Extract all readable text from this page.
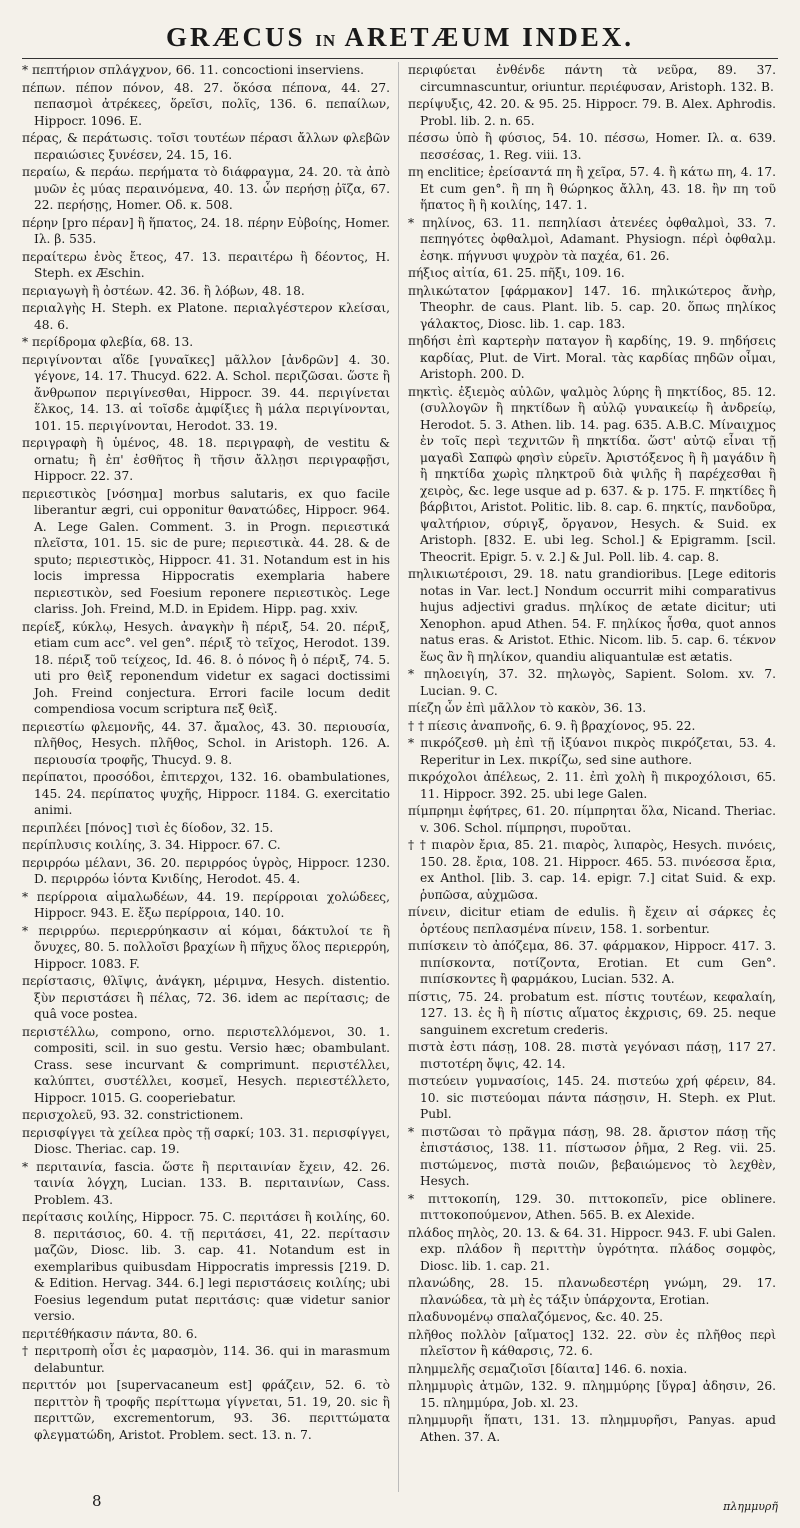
GRÆCUS IN ARETÆUM INDEX.
* πεπτήριον σπλάγχνον, 66. 11. concoctioni inserviens.
πέπων. πέπον πόνον, 48. 27. ὅκόσα πέπονα, 44. 27. πεπασμοὶ ἀτρέκεες, ὅρεῖσι, πολῖς, 136. 6. πεπαίλων, Hippocr. 1096. E.
πέρας, & περάτωσις. τοῖσι τουτέων πέρασι ἄλλων φλεβῶν περαιώσιες ξυνέσεν, 24. 15, 16.
περαίω, & περάω. περήματα τὸ διάφραγμα, 24. 20. τὰ ἀπὸ μυῶν ἐς μύας περαινόμενα, 40. 13. ὧν περήσῃ ῥῖζα, 67. 22. περήσῃς, Homer. Οδ. κ. 508.
πέρην [pro πέραν] ἢ ἥπατος, 24. 18. πέρην Εὐβοίης, Homer. Ιλ. β. 535.
περαίτερω ἑνὸς ἔτεος, 47. 13. περαιτέρω ἢ δέοντος, H. Steph. ex Æschin.
περιαγωγὴ ἢ ὀστέων. 42. 36. ἢ λόβων, 48. 18.
περιαλγὴς H. Steph. ex Platone. περιαλγέστερον κλείσαι, 48. 6.
* περίδρομα φλεβία, 68. 13.
περιγίνονται αἵδε [γυναῖκες] μᾶλλον [ἀνδρῶν] 4. 30. γέγονε, 14. 17. Thucyd. 622. A. Schol. περιζῶσαι. ὥστε ἢ ἄνθρωπον περιγίνεσθαι, Hippocr. 39. 44. περιγίνεται ἕλκος, 14. 13. αἱ τοῖσδε ἀμφίξιες ἢ μάλα περιγίνονται, 101. 15. περιγίνονται, Herodot. 33. 19.
περιγραφὴ ἢ ὑμένος, 48. 18. περιγραφὴ, de vestitu & ornatu; ἢ ἐπ' ἐσθῆτος ἢ τῆσιν ἄλλῃσι περιγραφῇσι, Hippocr. 22. 37.
περιεστικὸς [νόσημα] morbus salutaris, ex quo facile liberantur ægri, cui opponitur θανατώδες, Hippocr. 964. A. Lege Galen. Comment. 3. in Progn. περιεστικά πλεῖστα, 101. 15. sic de pure; περιεστικὰ. 44. 28. & de sputo; περιεστικὸς, Hippocr. 41. 31. Notandum est in his locis impressa Hippocratis exemplaria habere περιεστικὸν, sed Foesium reponere περιεστικὸς. Lege clariss. Joh. Freind, M.D. in Epidem. Hipp. pag. xxiv.
περίεξ, κύκλῳ, Hesych. ἀναγκὴν ἢ πέριξ, 54. 20. πέριξ, etiam cum acc°. vel gen°. πέριξ τὸ τεῖχος, Herodot. 139. 18. πέριξ τοῦ τείχεος, Id. 46. 8. ὁ πόνος ἢ ὁ πέριξ, 74. 5. uti pro θεὶξ reponendum videtur ex sagaci doctissimi Joh. Freind conjectura. Errori facile locum dedit compendiosa vocum scriptura πεξ θεὶξ.
περιεστίω φλεμονῆς, 44. 37. ἄμαλος, 43. 30. περιουσία, πλῆθος, Hesych. πλῆθος, Schol. in Aristoph. 126. A. περιουσία τροφῆς, Thucyd. 9. 8.
περίπατοι, προσόδοι, ἐπιτερχοι, 132. 16. obambulationes, 145. 24. περίπατος ψυχῆς, Hippocr. 1184. G. exercitatio animi.
περιπλέει [πόνος] τισὶ ἐς δίοδον, 32. 15.
περίπλυσις κοιλίης, 3. 34. Hippocr. 67. C.
περιρρόω μέλανι, 36. 20. περιρρόος ὑγρὸς, Hippocr. 1230. D. περιρρόω ἰόντα Κνιδίης, Herodot. 45. 4.
* περίρροια αἱμαλωδέων, 44. 19. περίρροιαι χολώδεες, Hippocr. 943. E. ἔξω περίρροια, 140. 10.
* περιρρύω. περιερρύηκασιν αἱ κόμαι, δάκτυλοί τε ἢ ὄνυχες, 80. 5. πολλοῖσι βραχίων ἢ πῆχυς ὅλος περιερρύη, Hippocr. 1083. F.
περίστασις, θλῖψις, ἀνάγκη, μέριμνα, Hesych. distentio. ξὺν περιστάσει ἢ πέλας, 72. 36. idem ac περίτασις; de quâ voce postea.
περιστέλλω, compono, orno. περιστελλόμενοι, 30. 1. compositi, scil. in suo gestu. Versio hæc; obambulant. Crass. sese incurvant & comprimunt. περιστέλλει, καλύπτει, συστέλλει, κοσμεῖ, Hesych. περιεστέλλετο, Hippocr. 1015. G. cooperiebatur.
περισχολεῦ, 93. 32. constrictionem.
περισφίγγει τὰ χείλεα πρὸς τῇ σαρκί; 103. 31. περισφίγγει, Diosc. Theriac. cap. 19.
* περιταινία, fascia. ὥστε ἢ περιταινίαν ἔχειν, 42. 26. ταινία λόγχη, Lucian. 133. B. περιταινίων, Cass. Problem. 43.
περίτασις κοιλίης, Hippocr. 75. C. περιτάσει ἢ κοιλίης, 60. 8. περιτάσιος, 60. 4. τῇ περιτάσει, 41, 22. περίτασιν μαζῶν, Diosc. lib. 3. cap. 41. Notandum est in exemplaribus quibusdam Hippocratis impressis [219. D. & Edition. Hervag. 344. 6.] legi περιστάσεις κοιλίης; ubi Foesius legendum putat περιτάσις: quæ videtur sanior versio.
περιτέθήκασιν πάντα, 80. 6.
† περιτροπὴ οἶσι ἐς μαρασμὸν, 114. 36. qui in marasmum delabuntur.
περιττόν μοι [supervacaneum est] φράζειν, 52. 6. τὸ περιττὸν ἢ τροφῆς περίττωμα γίγνεται, 51. 19, 20. sic ἢ περιττῶν, excrementorum, 93. 36. περιττώματα φλεγματώδη, Aristot. Problem. sect. 13. n. 7.
περιφύεται ἐνθένδε πάντη τὰ νεῦρα, 89. 37. circumnascuntur, oriuntur. περιέφυσαν, Aristoph. 132. B.
περίψυξις, 42. 20. & 95. 25. Hippocr. 79. B. Alex. Aphrodis. Probl. lib. 2. n. 65.
πέσσω ὑπὸ ἢ φύσιος, 54. 10. πέσσω, Homer. Ιλ. α. 639. πεσσέσας, 1. Reg. viii. 13.
πη enclitice; ἐρείσαντά πη ἢ χεῖρα, 57. 4. ἢ κάτω πη, 4. 17. Et cum gen°. ἢ πη ἢ θώρηκος ἄλλη, 43. 18. ἢν πη τοῦ ἥπατος ἢ ἢ κοιλίης, 147. 1.
* πηλίνος, 63. 11. πεπηλίασι ἀτενέες ὀφθαλμοὶ, 33. 7. πεπηγότες ὀφθαλμοὶ, Adamant. Physiogn. πέρὶ ὀφθαλμ. ἐσηκ. πήγνυσι ψυχρὸν τὰ παχέα, 61. 26.
πήξιος αἰτία, 61. 25. πῆξι, 109. 16.
πηλικώτατον [φάρμακον] 147. 16. πηλικώτερος ἄνὴρ, Theophr. de caus. Plant. lib. 5. cap. 20. ὅπως πηλίκος γάλακτος, Diosc. lib. 1. cap. 183.
πηδήσι ἐπὶ καρτερὴν παταγον ἢ καρδίης, 19. 9. πηδήσεις καρδίας, Plut. de Virt. Moral. τὰς καρδίας πηδῶν οἶμαι, Aristoph. 200. D.
πηκτὶς. ἐξιεμὸς αὐλῶν, ψαλμὸς λύρης ἢ πηκτίδος, 85. 12. (συλλογῶν ἢ πηκτίδων ἢ αὐλῷ γυναικείῳ ἢ ἀνδρείῳ, Herodot. 5. 3. Athen. lib. 14. pag. 635. A.B.C. Μίναιχμος ἐν τοῖς περὶ τεχνιτῶν ἢ πηκτίδα. ὥστ' αὐτῷ εἶναι τῇ μαγαδὶ Σαπφὼ φησὶν εὑρεῖν. Ἀριστόξενος ἢ ἢ μαγάδιν ἢ ἢ πηκτίδα χωρὶς πληκτροῦ διὰ ψιλῆς ἢ παρέχεσθαι ἢ χειρὸς, &c. lege usque ad p. 637. & p. 175. F. πηκτίδες ἢ βάρβιτοι, Aristot. Politic. lib. 8. cap. 6. πηκτίς, πανδοῦρα, ψαλτήριον, σύριγξ, ὄργανον, Hesych. & Suid. ex Aristoph. [832. E. ubi leg. Schol.] & Epigramm. [scil. Theocrit. Epigr. 5. v. 2.] & Jul. Poll. lib. 4. cap. 8.
πηλικιωτέροισι, 29. 18. natu grandioribus. [Lege editoris notas in Var. lect.] Nondum occurrit mihi comparativus hujus adjectivi gradus. πηλίκος de ætate dicitur; uti Xenophon. apud Athen. 54. F. πηλίκος ἦσθα, quot annos natus eras. & Aristot. Ethic. Nicom. lib. 5. cap. 6. τέκνον ἕως ἂν ἢ πηλίκον, quandiu aliquantulæ est ætatis.
* πηλοειγίη, 37. 32. πηλωγὸς, Sapient. Solom. xv. 7. Lucian. 9. C.
πίεζη ὦν ἐπὶ μᾶλλον τὸ κακὸν, 36. 13.
† † πίεσις ἀναπνοῆς, 6. 9. ἢ βραχίονος, 95. 22.
* πικρόζεσθ. μὴ ἐπὶ τῇ ἰξύανοι πικρὸς πικρόζεται, 53. 4. Reperitur in Lex. πικρίζω, sed sine authore.
πικρόχολοι ἀπέλεως, 2. 11. ἐπὶ χολὴ ἢ πικροχόλοισι, 65. 11. Hippocr. 392. 25. ubi lege Galen.
πίμπρημι ἐφήτρες, 61. 20. πίμπρηται ὅλα, Nicand. Theriac. v. 306. Schol. πίμπρησι, πυροῦται.
† † πιαρὸν ἔρια, 85. 21. πιαρὸς, λιπαρὸς, Hesych. πινόεις, 150. 28. ἔρια, 108. 21. Hippocr. 465. 53. πινόεσσα ἔρια, ex Anthol. [lib. 3. cap. 14. epigr. 7.] citat Suid. & exp. ῥυπῶσα, αὐχμῶσα.
πίνειν, dicitur etiam de edulis. ἢ ἔχειν αἱ σάρκες ἐς ὀρτέους πεπλασμένα πίνειν, 158. 1. sorbentur.
πιπίσκειν τὸ ἀπόζεμα, 86. 37. φάρμακον, Hippocr. 417. 3. πιπίσκοντα, ποτίζοντα, Erotian. Et cum Gen°. πιπίσκοντες ἢ φαρμάκου, Lucian. 532. A.
πίστις, 75. 24. probatum est. πίστις τουτέων, κεφαλαίη, 127. 13. ἐς ἢ ἢ πίστις αἵματος ἐκχρισις, 69. 25. neque sanguinem excretum crederis.
πιστὰ ἐστι πάσῃ, 108. 28. πιστὰ γεγόνασι πάσῃ, 117 27. πιστοτέρη ὄψις, 42. 14.
πιστεύειν γυμνασίοις, 145. 24. πιστεύω χρή φέρειν, 84. 10. sic πιστεύομαι πάντα πάσῃσιν, H. Steph. ex Plut. Publ.
* πιστῶσαι τὸ πρᾶγμα πάσῃ, 98. 28. ἄριστον πάσῃ τῆς ἐπιστάσιος, 138. 11. πίστωσον ῥῆμα, 2 Reg. vii. 25. πιστώμενος, πιστὰ ποιῶν, βεβαιώμενος τὸ λεχθὲν, Hesych.
* πιττοκοπίη, 129. 30. πιττοκοπεῖν, pice oblinere. πιττοκοπούμενον, Athen. 565. B. ex Alexide.
πλάδος πηλὸς, 20. 13. & 64. 31. Hippocr. 943. F. ubi Galen. exp. πλάδον ἢ περιττὴν ὑγρότητα. πλάδος σομφὸς, Diosc. lib. 1. cap. 21.
πλανώδης, 28. 15. πλανωδεστέρη γνώμη, 29. 17. πλανώδεα, τὰ μὴ ἐς τάξιν ὑπάρχοντα, Erotian.
πλαδυνομένῳ σπαλαζόμενος, &c. 40. 25.
πλῆθος πολλὸν [αἵματος] 132. 22. σὺν ἐς πλῆθος περὶ πλεῖστον ἢ κάθαρσις, 72. 6.
πλημμελῆς σεμαζιοῖσι [δίαιτα] 146. 6. noxia.
πλημμυρὶς ἀτμῶν, 132. 9. πλημμύρης [ὕγρα] ἀδησιν, 26. 15. πλημμύρα, Job. xl. 23.
πλημμυρῆι ἥπατι, 131. 13. πλημμυρῆσι, Panyas. apud Athen. 37. A.
8	πλημμυρῆ
